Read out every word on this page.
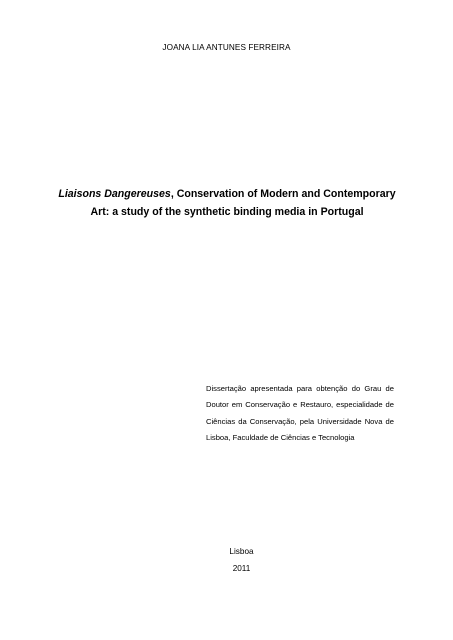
JOANA LIA ANTUNES FERREIRA
Liaisons Dangereuses, Conservation of Modern and Contemporary
Art: a study of the synthetic binding media in Portugal
Dissertação apresentada para obtenção do Grau de Doutor em Conservação e Restauro, especialidade de Ciências da Conservação, pela Universidade Nova de Lisboa, Faculdade de Ciências e Tecnologia
Lisboa
2011
